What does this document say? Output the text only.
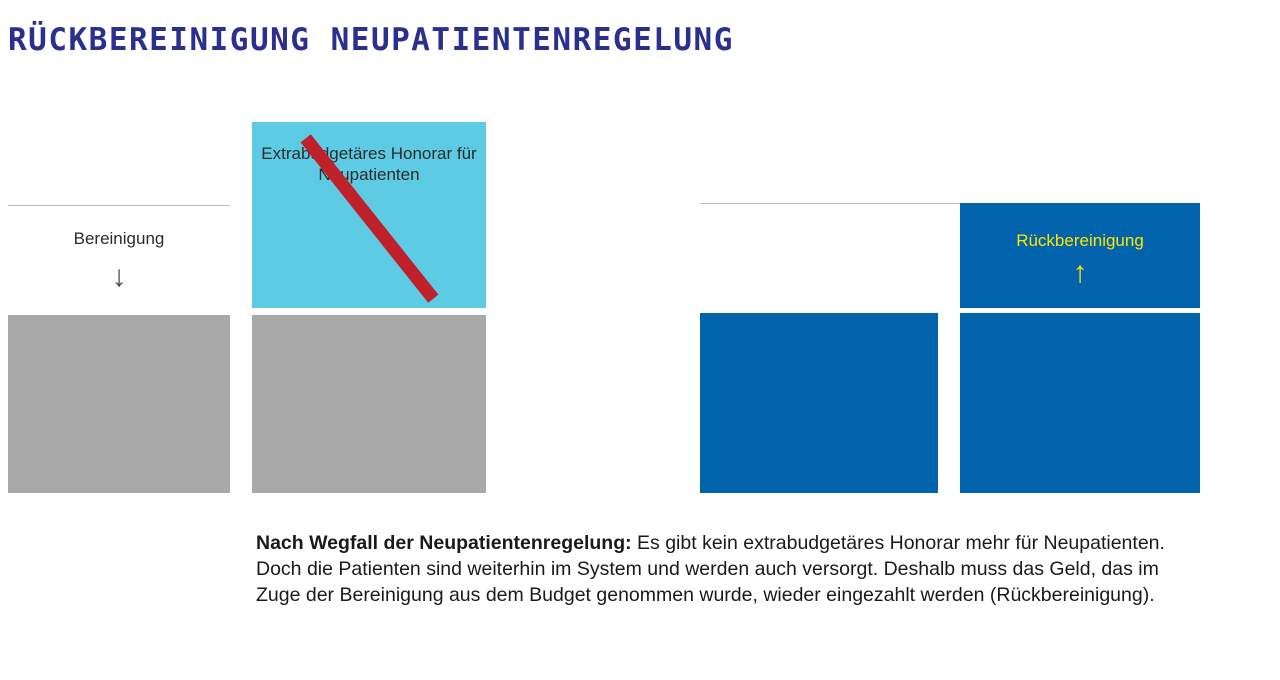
RÜCKBEREINIGUNG NEUPATIENTENREGELUNG
Bereinigung
↓
Extrabudgetäres Honorar für Neupatienten
Rückbereinigung
↑
Nach Wegfall der Neupatientenregelung: Es gibt kein extrabudgetäres Honorar mehr für Neupatienten. Doch die Patienten sind weiterhin im System und werden auch versorgt. Deshalb muss das Geld, das im Zuge der Bereinigung aus dem Budget genommen wurde, wieder eingezahlt werden (Rückbereinigung).
